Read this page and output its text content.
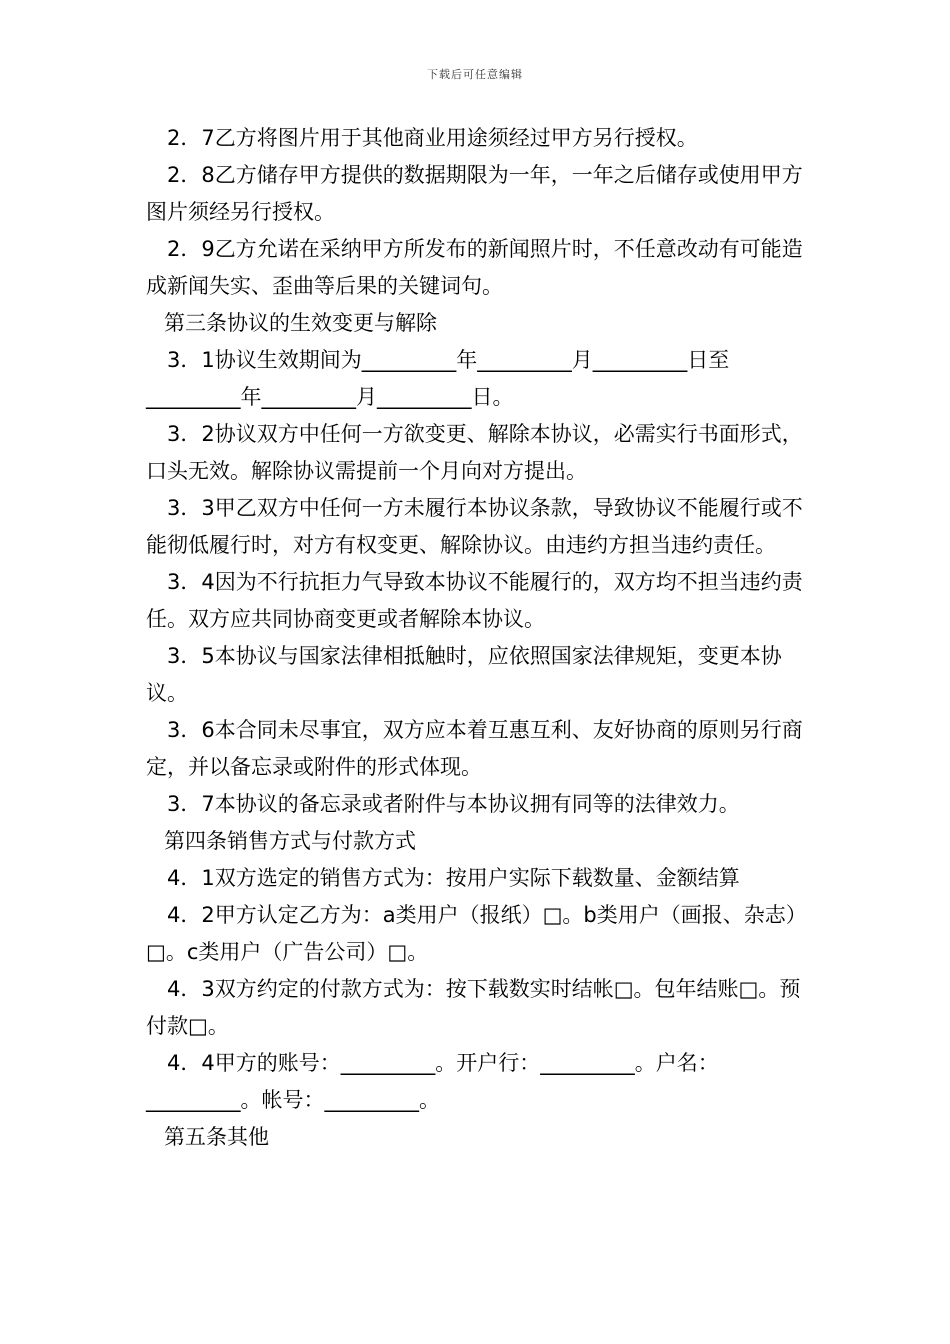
下载后可任意编辑

2．7乙方将图片用于其他商业用途须经过甲方另行授权。

2．8乙方储存甲方提供的数据期限为一年，一年之后储存或使用甲方图片须经另行授权。

2．9乙方允诺在采纳甲方所发布的新闻照片时，不任意改动有可能造成新闻失实、歪曲等后果的关键词句。

第三条协议的生效变更与解除

3．1协议生效期间为_________年_________月_________日至_________年_________月_________日。

3．2协议双方中任何一方欲变更、解除本协议，必需实行书面形式，口头无效。解除协议需提前一个月向对方提出。

3．3甲乙双方中任何一方未履行本协议条款，导致协议不能履行或不能彻低履行时，对方有权变更、解除协议。由违约方担当违约责任。

3．4因为不行抗拒力气导致本协议不能履行的，双方均不担当违约责任。双方应共同协商变更或者解除本协议。

3．5本协议与国家法律相抵触时，应依照国家法律规矩，变更本协议。

3．6本合同未尽事宜，双方应本着互惠互利、友好协商的原则另行商定，并以备忘录或附件的形式体现。

3．7本协议的备忘录或者附件与本协议拥有同等的法律效力。

第四条销售方式与付款方式

4．1双方选定的销售方式为：按用户实际下载数量、金额结算

4．2甲方认定乙方为：a类用户（报纸）□。b类用户（画报、杂志）□。c类用户（广告公司）□。

4．3双方约定的付款方式为：按下载数实时结帐□。包年结账□。预付款□。

4．4甲方的账号：_________。开户行：_________。户名：_________。帐号：_________。

第五条其他
